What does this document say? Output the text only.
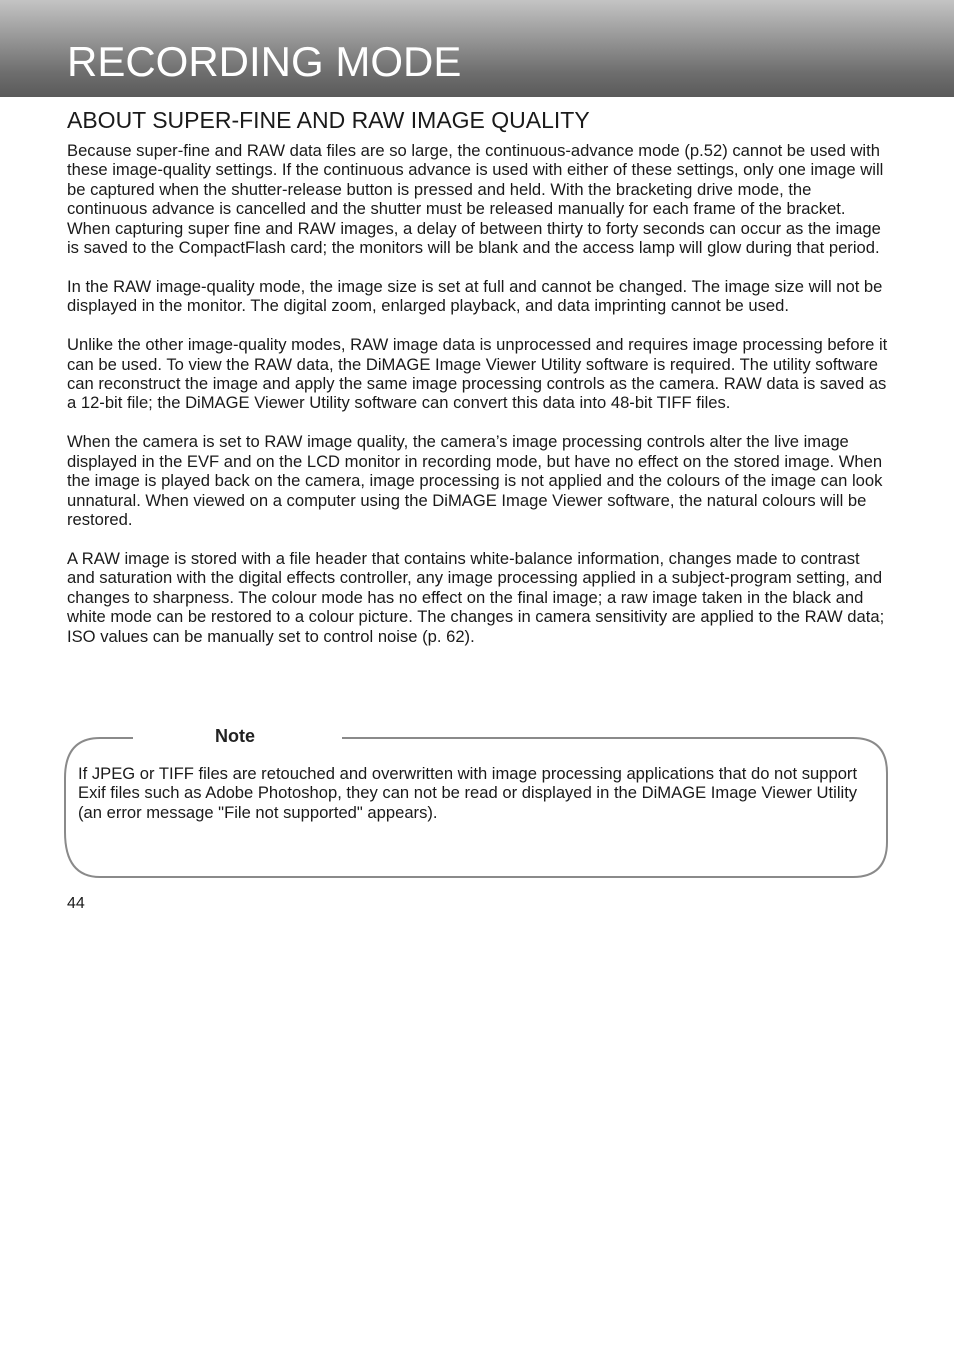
RECORDING MODE
ABOUT SUPER-FINE AND RAW IMAGE QUALITY

Because super-fine and RAW data files are so large, the continuous-advance mode (p.52) cannot be used with these image-quality settings. If the continuous advance is used with either of these settings, only one image will be captured when the shutter-release button is pressed and held. With the bracketing drive mode, the continuous advance is cancelled and the shutter must be released manually for each frame of the bracket. When capturing super fine and RAW images, a delay of between thirty to forty seconds can occur as the image is saved to the CompactFlash card; the monitors will be blank and the access lamp will glow during that period.

In the RAW image-quality mode, the image size is set at full and cannot be changed. The image size will not be displayed in the monitor. The digital zoom, enlarged playback, and data imprinting cannot be used.

Unlike the other image-quality modes, RAW image data is unprocessed and requires image processing before it can be used. To view the RAW data, the DiMAGE Image Viewer Utility software is required. The utility software can reconstruct the image and apply the same image processing controls as the camera. RAW data is saved as a 12-bit file; the DiMAGE Viewer Utility software can convert this data into 48-bit TIFF files.

When the camera is set to RAW image quality, the camera’s image processing controls alter the live image displayed in the EVF and on the LCD monitor in recording mode, but have no effect on the stored image. When the image is played back on the camera, image processing is not applied and the colours of the image can look unnatural. When viewed on a computer using the DiMAGE Image Viewer software, the natural colours will be restored.

A RAW image is stored with a file header that contains white-balance information, changes made to contrast and saturation with the digital effects controller, any image processing applied in a subject-program setting, and changes to sharpness. The colour mode has no effect on the final image; a raw image taken in the black and white mode can be restored to a colour picture. The changes in camera sensitivity are applied to the RAW data; ISO values can be manually set to control noise (p. 62).

Note

If JPEG or TIFF files are retouched and overwritten with image processing applications that do not support Exif files such as Adobe Photoshop, they can not be read or displayed in the DiMAGE Image Viewer Utility (an error message "File not supported" appears).

44
